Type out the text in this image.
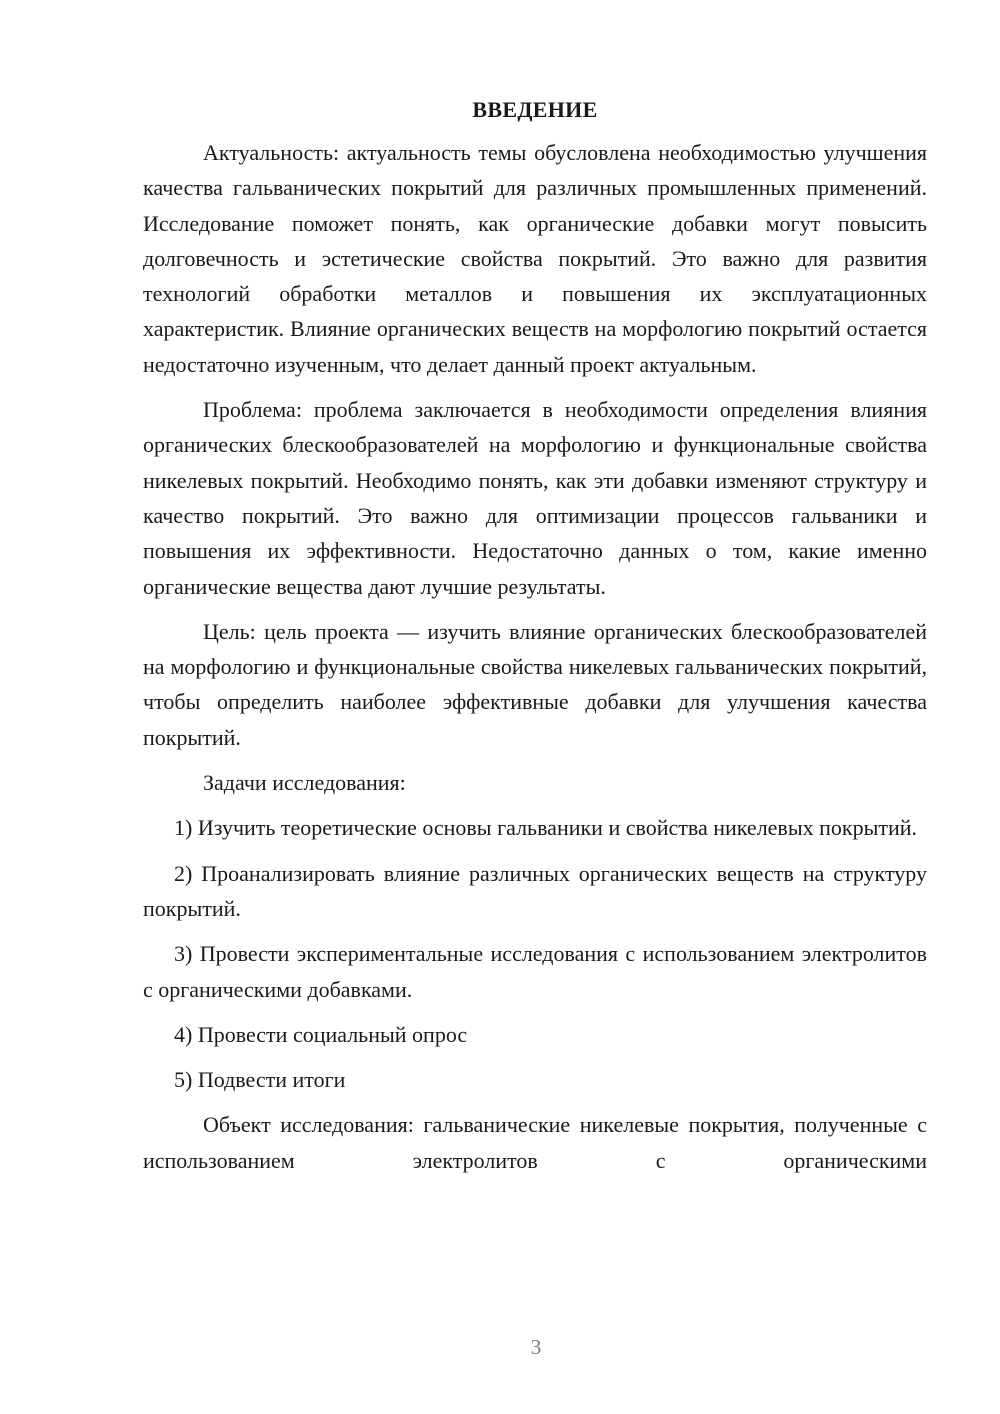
ВВЕДЕНИЕ

Актуальность: актуальность темы обусловлена необходимостью улучшения качества гальванических покрытий для различных промышленных применений. Исследование поможет понять, как органические добавки могут повысить долговечность и эстетические свойства покрытий. Это важно для развития технологий обработки металлов и повышения их эксплуатационных характеристик. Влияние органических веществ на морфологию покрытий остается недостаточно изученным, что делает данный проект актуальным.

Проблема: проблема заключается в необходимости определения влияния органических блескообразователей на морфологию и функциональные свойства никелевых покрытий. Необходимо понять, как эти добавки изменяют структуру и качество покрытий. Это важно для оптимизации процессов гальваники и повышения их эффективности. Недостаточно данных о том, какие именно органические вещества дают лучшие результаты.

Цель: цель проекта — изучить влияние органических блескообразователей на морфологию и функциональные свойства никелевых гальванических покрытий, чтобы определить наиболее эффективные добавки для улучшения качества покрытий.

Задачи исследования:

1) Изучить теоретические основы гальваники и свойства никелевых покрытий.

2) Проанализировать влияние различных органических веществ на структуру покрытий.

3) Провести экспериментальные исследования с использованием электролитов с органическими добавками.

4) Провести социальный опрос

5) Подвести итоги

Объект исследования: гальванические никелевые покрытия, полученные с использованием электролитов с органическими

3
